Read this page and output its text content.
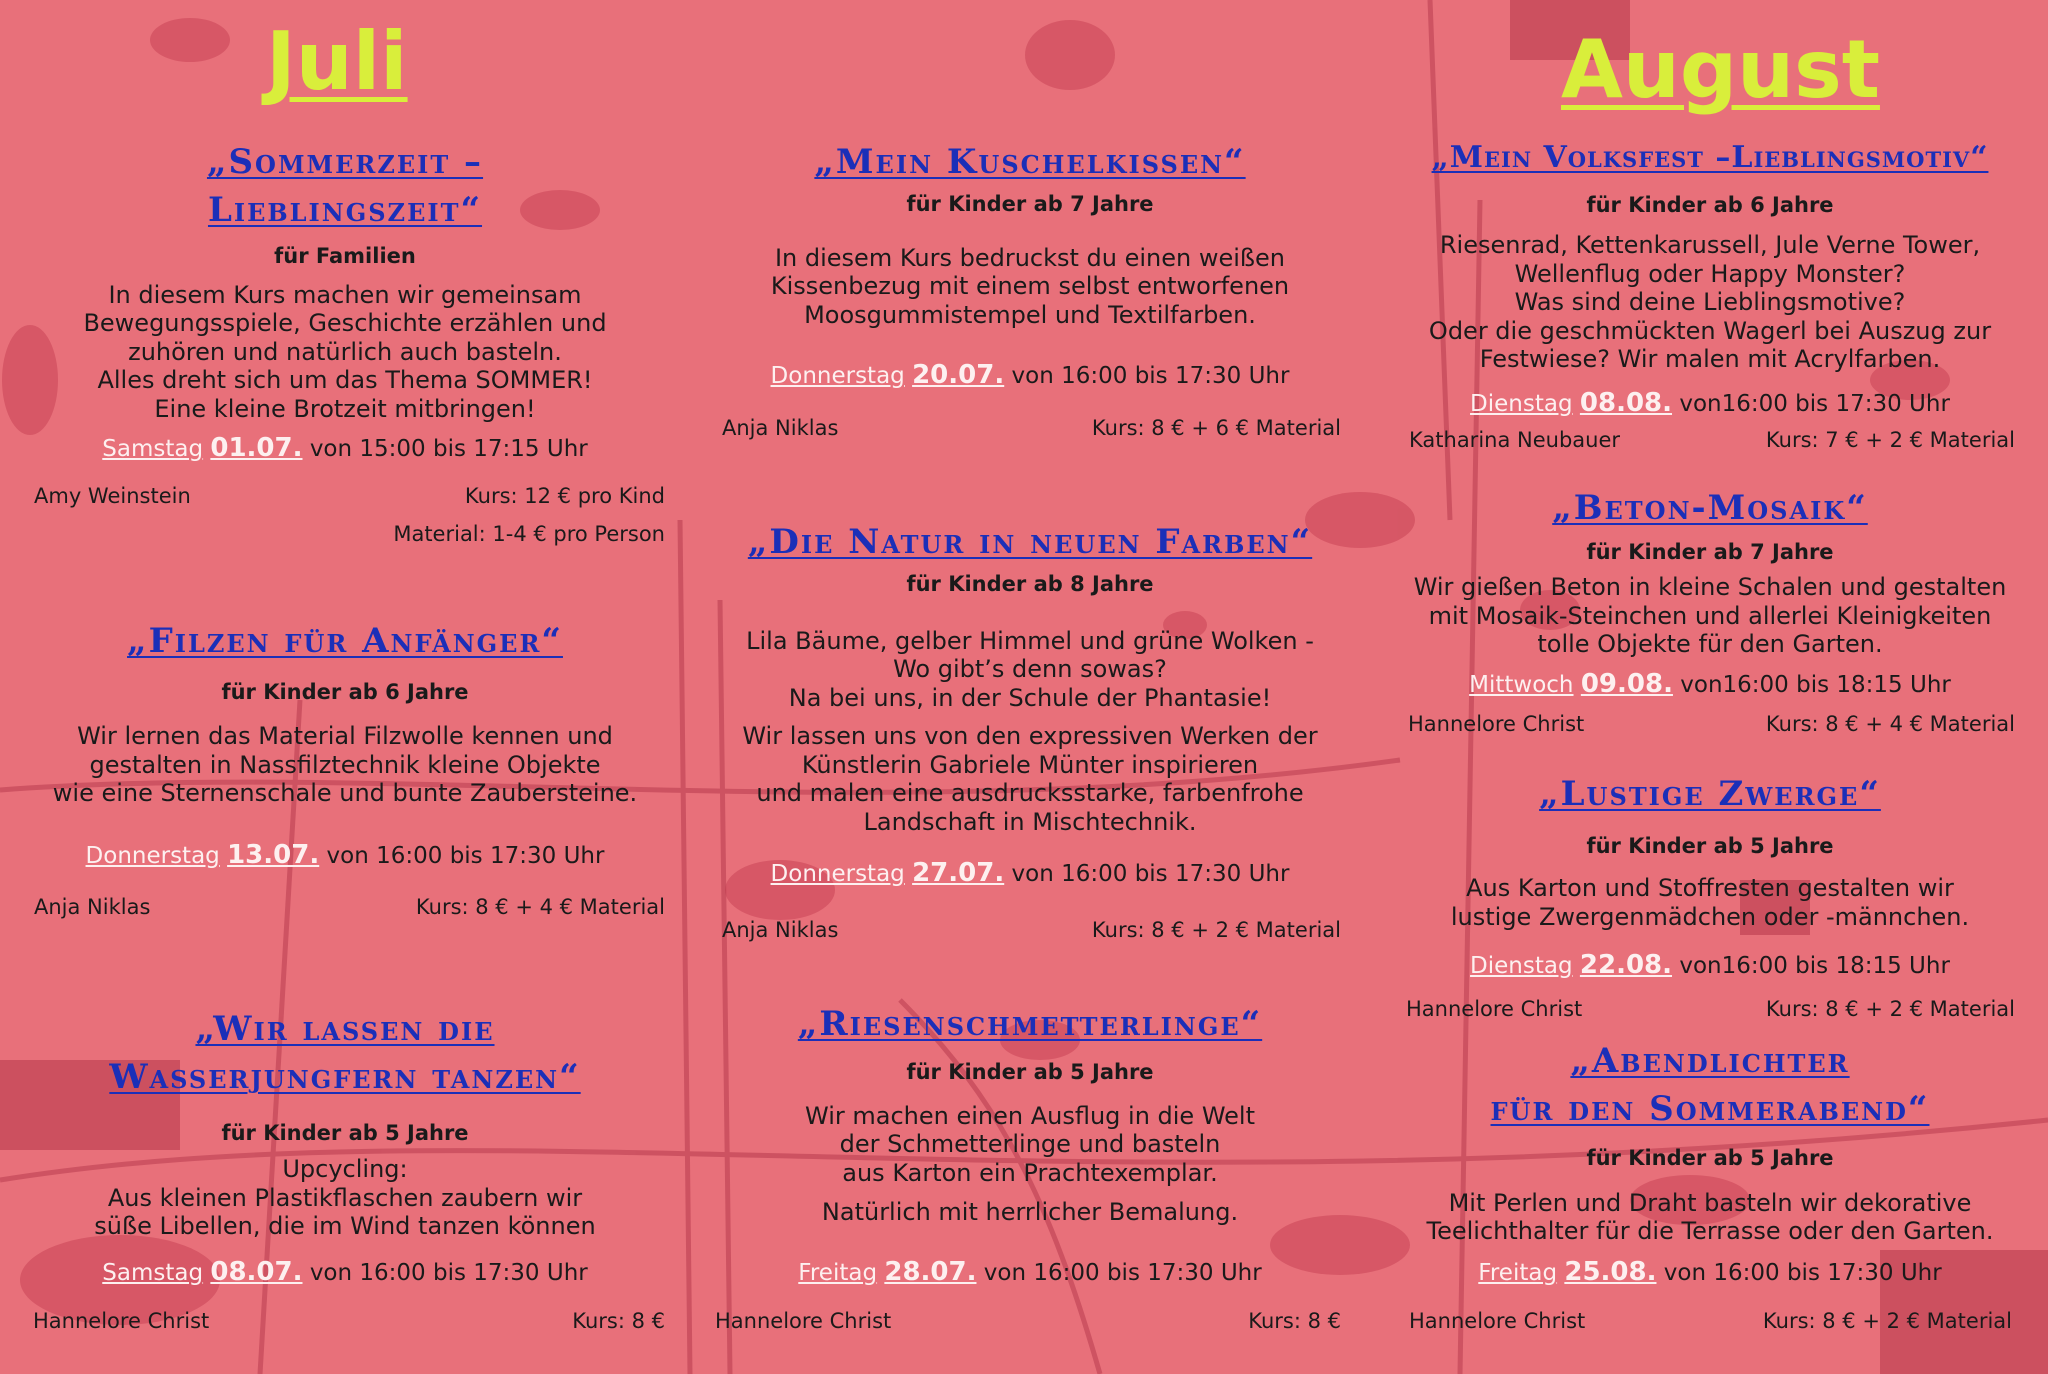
Juli
„Sommerzeit –
Lieblingszeit“
für Familien
In diesem Kurs machen wir gemeinsam
Bewegungsspiele, Geschichte erzählen und
zuhören und natürlich auch basteln.
Alles dreht sich um das Thema SOMMER!
Eine kleine Brotzeit mitbringen!
Samstag 01.07. von 15:00 bis 17:15 Uhr
Amy Weinstein	Kurs: 12 € pro Kind
Material: 1-4 € pro Person
„Filzen für Anfänger“
für Kinder ab 6 Jahre
Wir lernen das Material Filzwolle kennen und
gestalten in Nassfilztechnik kleine Objekte
wie eine Sternenschale und bunte Zaubersteine.
Donnerstag 13.07. von 16:00 bis 17:30 Uhr
Anja Niklas	Kurs: 8 € + 4 € Material
„Wir lassen die
Wasserjungfern tanzen“
für Kinder ab 5 Jahre
Upcycling:
Aus kleinen Plastikflaschen zaubern wir
süße Libellen, die im Wind tanzen können
Samstag 08.07. von 16:00 bis 17:30 Uhr
Hannelore Christ	Kurs: 8 €
„Mein Kuschelkissen“
für Kinder ab 7 Jahre
In diesem Kurs bedruckst du einen weißen
Kissenbezug mit einem selbst entworfenen
Moosgummistempel und Textilfarben.
Donnerstag 20.07. von 16:00 bis 17:30 Uhr
Anja Niklas	Kurs: 8 € + 6 € Material
„Die Natur in neuen Farben“
für Kinder ab 8 Jahre
Lila Bäume, gelber Himmel und grüne Wolken -
Wo gibt’s denn sowas?
Na bei uns, in der Schule der Phantasie!
Wir lassen uns von den expressiven Werken der
Künstlerin Gabriele Münter inspirieren
und malen eine ausdrucksstarke, farbenfrohe
Landschaft in Mischtechnik.
Donnerstag 27.07. von 16:00 bis 17:30 Uhr
Anja Niklas	Kurs: 8 € + 2 € Material
„Riesenschmetterlinge“
für Kinder ab 5 Jahre
Wir machen einen Ausflug in die Welt
der Schmetterlinge und basteln
aus Karton ein Prachtexemplar.
Natürlich mit herrlicher Bemalung.
Freitag 28.07. von 16:00 bis 17:30 Uhr
Hannelore Christ	Kurs: 8 €
August
„Mein Volksfest –Lieblingsmotiv“
für Kinder ab 6 Jahre
Riesenrad, Kettenkarussell, Jule Verne Tower,
Wellenflug oder Happy Monster?
Was sind deine Lieblingsmotive?
Oder die geschmückten Wagerl bei Auszug zur
Festwiese? Wir malen mit Acrylfarben.
Dienstag 08.08. von16:00 bis 17:30 Uhr
Katharina Neubauer	Kurs: 7 € + 2 € Material
„Beton-Mosaik“
für Kinder ab 7 Jahre
Wir gießen Beton in kleine Schalen und gestalten
mit Mosaik-Steinchen und allerlei Kleinigkeiten
tolle Objekte für den Garten.
Mittwoch 09.08. von16:00 bis 18:15 Uhr
Hannelore Christ	Kurs: 8 € + 4 € Material
„Lustige Zwerge“
für Kinder ab 5 Jahre
Aus Karton und Stoffresten gestalten wir
lustige Zwergenmädchen oder -männchen.
Dienstag 22.08. von16:00 bis 18:15 Uhr
Hannelore Christ	Kurs: 8 € + 2 € Material
„Abendlichter
für den Sommerabend“
für Kinder ab 5 Jahre
Mit Perlen und Draht basteln wir dekorative
Teelichthalter für die Terrasse oder den Garten.
Freitag 25.08. von 16:00 bis 17:30 Uhr
Hannelore Christ	Kurs: 8 € + 2 € Material
